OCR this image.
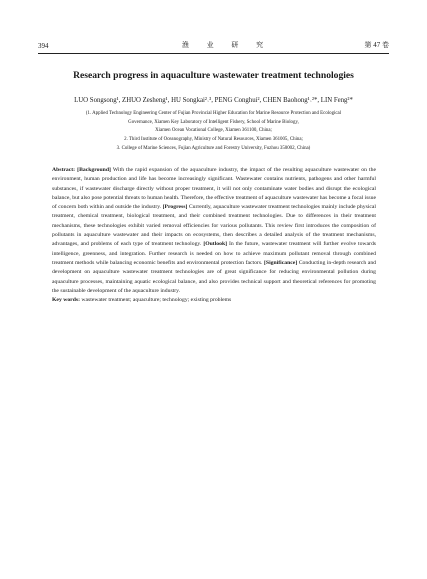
394	渔 业 研 究	第 47 卷
Research progress in aquaculture wastewater treatment technologies
LUO Songsong¹, ZHUO Zesheng¹, HU Songkai²˒³, PENG Conghui², CHEN Baohong¹˒²*, LIN Feng²*
(1. Applied Technology Engineering Center of Fujian Provincial Higher Education for Marine Resource Protection and Ecological
Governance, Xiamen Key Laboratory of Intelligent Fishery, School of Marine Biology,
Xiamen Ocean Vocational College, Xiamen 361100, China;
2. Third Institute of Oceanography, Ministry of Natural Resources, Xiamen 361005, China;
3. College of Marine Sciences, Fujian Agriculture and Forestry University, Fuzhou 350002, China)
Abstract: [Background] With the rapid expansion of the aquaculture industry, the impact of the resulting aquaculture wastewater on the environment, human production and life has become increasingly significant. Wastewater contains nutrients, pathogens and other harmful substances, if wastewater discharge directly without proper treatment, it will not only contaminate water bodies and disrupt the ecological balance, but also pose potential threats to human health. Therefore, the effective treatment of aquaculture wastewater has become a focal issue of concern both within and outside the industry. [Progress] Currently, aquaculture wastewater treatment technologies mainly include physical treatment, chemical treatment, biological treatment, and their combined treatment technologies. Due to differences in their treatment mechanisms, these technologies exhibit varied removal efficiencies for various pollutants. This review first introduces the composition of pollutants in aquaculture wastewater and their impacts on ecosystems, then describes a detailed analysis of the treatment mechanisms, advantages, and problems of each type of treatment technology. [Outlook] In the future, wastewater treatment will further evolve towards intelligence, greenness, and integration. Further research is needed on how to achieve maximum pollutant removal through combined treatment methods while balancing economic benefits and environmental protection factors. [Significance] Conducting in-depth research and development on aquaculture wastewater treatment technologies are of great significance for reducing environmental pollution during aquaculture processes, maintaining aquatic ecological balance, and also provides technical support and theoretical references for promoting the sustainable development of the aquaculture industry.
Key words: wastewater treatment; aquaculture; technology; existing problems
